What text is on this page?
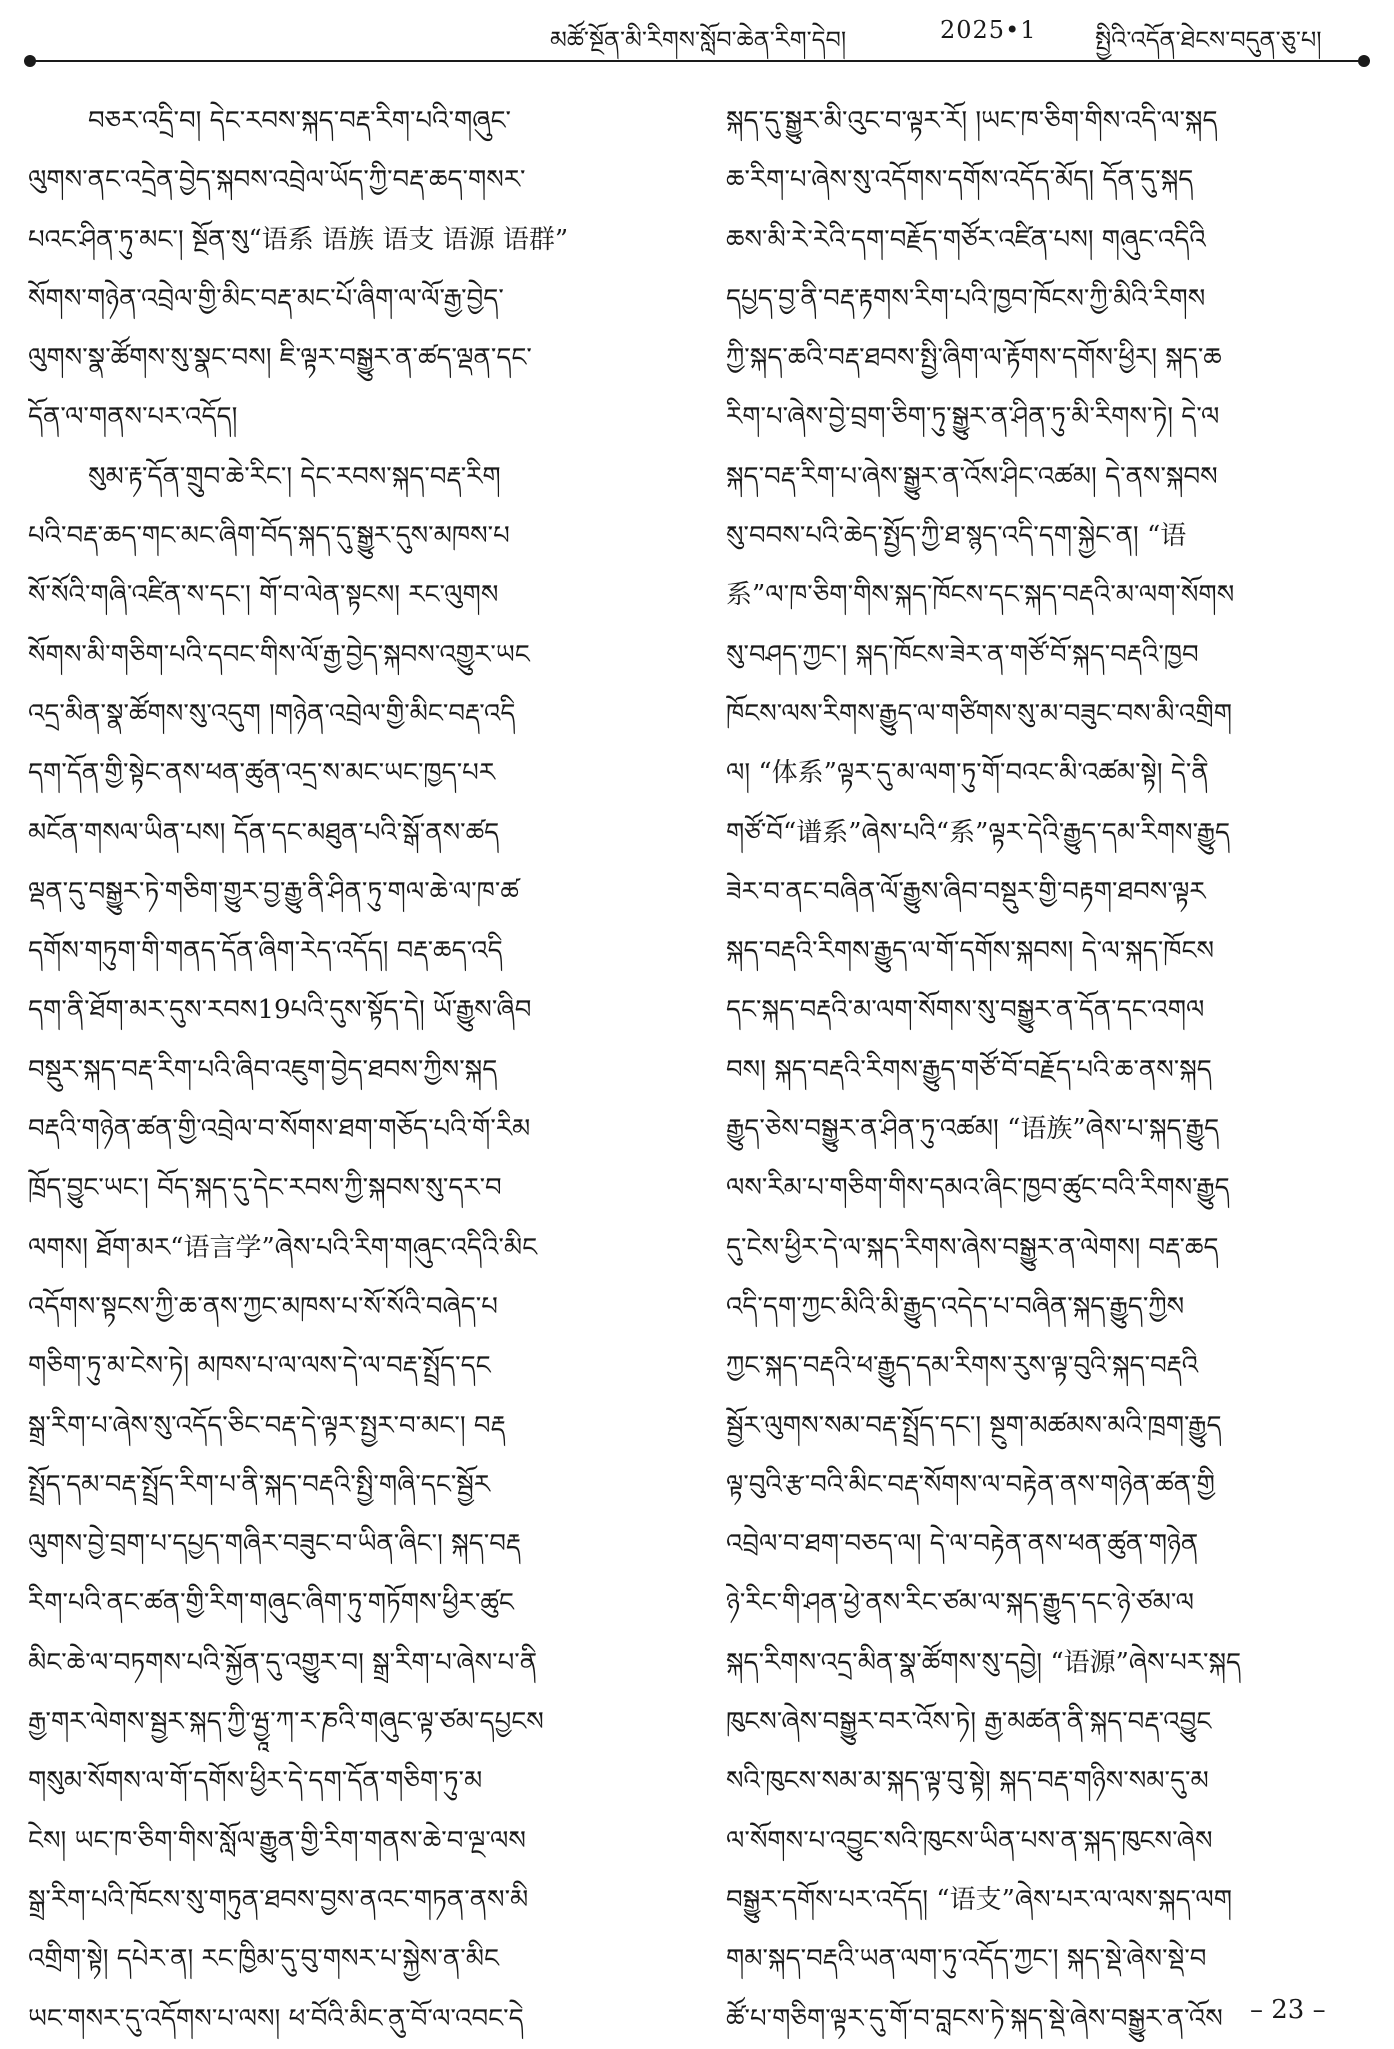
མཚོ་སྔོན་མི་རིགས་སློབ་ཆེན་རིག་དེབ།	2025•1 སྤྱིའི་འདོན་ཐེངས་བདུན་ཅུ་པ།
བཅར་འདྲི་བ། དེང་རབས་སྐད་བརྡ་རིག་པའི་གཞུང་
ལུགས་ནང་འདྲེན་བྱེད་སྐབས་འབྲེལ་ཡོད་ཀྱི་བརྡ་ཆད་གསར་
པའང་ཤིན་ཏུ་མང་། སྔོན་སུ“语系 语族 语支 语源 语群”
སོགས་གཉེན་འབྲེལ་གྱི་མིང་བརྡ་མང་པོ་ཞིག་ལ་ལོ་རྒྱ་བྱེད་
ལུགས་སྣ་ཚོགས་སུ་སྣང་བས། ཇི་ལྟར་བསྒྱུར་ན་ཚད་ལྡན་དང་
དོན་ལ་གནས་པར་འདོད།
སུམ་རྟ་དོན་གྲུབ་ཆེ་རིང་། དེང་རབས་སྐད་བརྡ་རིག
པའི་བརྡ་ཆད་གང་མང་ཞིག་བོད་སྐད་དུ་སྒྱུར་དུས་མཁས་པ
སོ་སོའི་གཞི་འཛིན་ས་དང་། གོ་བ་ལེན་སྟངས། རང་ལུགས
སོགས་མི་གཅིག་པའི་དབང་གིས་ལོ་རྒྱ་བྱེད་སྐབས་འགྱུར་ཡང
འདྲ་མིན་སྣ་ཚོགས་སུ་འདུག །གཉེན་འབྲེལ་གྱི་མིང་བརྡ་འདི
དག་དོན་གྱི་སྟེང་ནས་ཕན་ཚུན་འདྲ་ས་མང་ཡང་ཁྱད་པར
མངོན་གསལ་ཡིན་པས། དོན་དང་མཐུན་པའི་སྒོ་ནས་ཚད
ལྡན་དུ་བསྒྱུར་ཏེ་གཅིག་གྱུར་བྱ་རྒྱུ་ནི་ཤིན་ཏུ་གལ་ཆེ་ལ་ཁ་ཚ
དགོས་གཏུག་གི་གནད་དོན་ཞིག་རེད་འདོད། བརྡ་ཆད་འདི
དག་ནི་ཐོག་མར་དུས་རབས19པའི་དུས་སྟོད་དེ། ཡོ་རྒྱུས་ཞིབ
བསྡུར་སྐད་བརྡ་རིག་པའི་ཞིབ་འཇུག་བྱེད་ཐབས་ཀྱིས་སྐད
བརྡའི་གཉེན་ཚན་གྱི་འབྲེལ་བ་སོགས་ཐག་གཅོད་པའི་གོ་རིམ
ཁྲོད་བྱུང་ཡང་། བོད་སྐད་དུ་དེང་རབས་ཀྱི་སྐབས་སུ་དར་བ
ལགས། ཐོག་མར“语言学”ཞེས་པའི་རིག་གཞུང་འདིའི་མིང
འདོགས་སྟངས་ཀྱི་ཆ་ནས་ཀྱང་མཁས་པ་སོ་སོའི་བཞེད་པ
གཅིག་ཏུ་མ་ངེས་ཏེ། མཁས་པ་ལ་ལས་དེ་ལ་བརྡ་སྤྲོད་དང
སྒྲ་རིག་པ་ཞེས་སུ་འདོད་ཅིང་བརྡ་དེ་ལྟར་སྤྱར་བ་མང་། བརྡ
སྤྲོད་དམ་བརྡ་སྤྲོད་རིག་པ་ནི་སྐད་བརྡའི་སྤྱི་གཞི་དང་སྦྱོར
ལུགས་བྱེ་བྲག་པ་དཔྱད་གཞིར་བཟུང་བ་ཡིན་ཞིང་། སྐད་བརྡ
རིག་པའི་ནང་ཚན་གྱི་རིག་གཞུང་ཞིག་ཏུ་གཏོགས་ཕྱིར་ཚུང
མིང་ཆེ་ལ་བཏགས་པའི་སྐྱོན་དུ་འགྱུར་བ། སྒྲ་རིག་པ་ཞེས་པ་ནི
རྒྱ་གར་ལེགས་སྦྱར་སྐད་ཀྱི་ཝྱཱ་ཀ་ར་ཎའི་གཞུང་ལྟ་ཙམ་དཔྱངས
གསུམ་སོགས་ལ་གོ་དགོས་ཕྱིར་དེ་དག་དོན་གཅིག་ཏུ་མ
ངེས། ཡང་ཁ་ཅིག་གིས་སློལ་རྒྱུན་གྱི་རིག་གནས་ཆེ་བ་ལྔ་ལས
སྒྲ་རིག་པའི་ཁོངས་སུ་གཏུན་ཐབས་བྱས་ནའང་གཏན་ནས་མི
འགྲིག་སྟེ། དཔེར་ན། རང་ཁྱིམ་དུ་བུ་གསར་པ་སྐྱེས་ན་མིང
ཡང་གསར་དུ་འདོགས་པ་ལས། ཕ་བོའི་མིང་ནུ་བོ་ལ་འབང་དེ
སྐད་དུ་སྒྱུར་མི་འུང་བ་ལྟར་རོ། །ཡང་ཁ་ཅིག་གིས་འདི་ལ་སྐད
ཆ་རིག་པ་ཞེས་སུ་འདོགས་དགོས་འདོད་མོད། དོན་དུ་སྐད
ཆས་མི་རེ་རེའི་དག་བརྗོད་གཙོར་འཛིན་པས། གཞུང་འདིའི
དཔྱད་བྱ་ནི་བརྡ་རྟགས་རིག་པའི་ཁྱབ་ཁོངས་ཀྱི་མིའི་རིགས
ཀྱི་སྐད་ཆའི་བརྡ་ཐབས་སྤྱི་ཞིག་ལ་རྟོགས་དགོས་ཕྱིར། སྐད་ཆ
རིག་པ་ཞེས་བྱེ་བྲག་ཅིག་ཏུ་སྒྱུར་ན་ཤིན་ཏུ་མི་རིགས་ཏེ། དེ་ལ
སྐད་བརྡ་རིག་པ་ཞེས་སྒྱུར་ན་འོས་ཤིང་འཚམ། དེ་ནས་སྐབས
སུ་བབས་པའི་ཆེད་སྤྱོད་ཀྱི་ཐ་སྙད་འདི་དག་སྐྱེང་ན། “语
系”ལ་ཁ་ཅིག་གིས་སྐད་ཁོངས་དང་སྐད་བརྡའི་མ་ལག་སོགས
སུ་བཤད་ཀྱང་། སྐད་ཁོངས་ཟེར་ན་གཙོ་བོ་སྐད་བརྡའི་ཁྱབ
ཁོངས་ལས་རིགས་རྒྱུད་ལ་གཙིགས་སུ་མ་བཟུང་བས་མི་འགྲིག
ལ། “体系”ལྟར་དུ་མ་ལག་ཏུ་གོ་བའང་མི་འཚམ་སྟེ། དེ་ནི
གཙོ་བོ“谱系”ཞེས་པའི“系”ལྟར་དེའི་རྒྱུད་དམ་རིགས་རྒྱུད
ཟེར་བ་ནང་བཞིན་ལོ་རྒྱུས་ཞིབ་བསྡུར་གྱི་བརྟག་ཐབས་ལྟར
སྐད་བརྡའི་རིགས་རྒྱུད་ལ་གོ་དགོས་སྐབས། དེ་ལ་སྐད་ཁོངས
དང་སྐད་བརྡའི་མ་ལག་སོགས་སུ་བསྒྱུར་ན་དོན་དང་འགལ
བས། སྐད་བརྡའི་རིགས་རྒྱུད་གཙོ་བོ་བརྗོད་པའི་ཆ་ནས་སྐད
རྒྱུད་ཅེས་བསྒྱུར་ན་ཤིན་ཏུ་འཚམ། “语族”ཞེས་པ་སྐད་རྒྱུད
ལས་རིམ་པ་གཅིག་གིས་དམའ་ཞིང་ཁྱབ་ཚུང་བའི་རིགས་རྒྱུད
དུ་ངེས་ཕྱིར་དེ་ལ་སྐད་རིགས་ཞེས་བསྒྱུར་ན་ལེགས། བརྡ་ཆད
འདི་དག་ཀྱང་མིའི་མི་རྒྱུད་འདེད་པ་བཞིན་སྐད་རྒྱུད་ཀྱིས
ཀྱང་སྐད་བརྡའི་ཕ་རྒྱུད་དམ་རིགས་རུས་ལྟ་བུའི་སྐད་བརྡའི
སྦྱོར་ལུགས་སམ་བརྡ་སྤྲོད་དང་། སྔུག་མཚམས་མའི་ཁྲག་རྒྱུད
ལྟ་བུའི་རྩ་བའི་མིང་བརྡ་སོགས་ལ་བརྟེན་ནས་གཉེན་ཚན་གྱི
འབྲེལ་བ་ཐག་བཅད་ལ། དེ་ལ་བརྟེན་ནས་ཕན་ཚུན་གཉེན
ཉེ་རིང་གི་ཤན་ཕྱེ་ནས་རིང་ཙམ་ལ་སྐད་རྒྱུད་དང་ཉེ་ཙམ་ལ
སྐད་རིགས་འདྲ་མིན་སྣ་ཚོགས་སུ་དབྱེ། “语源”ཞེས་པར་སྐད
ཁུངས་ཞེས་བསྒྱུར་བར་འོས་ཏེ། རྒྱ་མཚན་ནི་སྐད་བརྡ་འབྱུང
སའི་ཁུངས་སམ་མ་སྐད་ལྟ་བུ་སྟེ། སྐད་བརྡ་གཉིས་སམ་དུ་མ
ལ་སོགས་པ་འབྱུང་སའི་ཁུངས་ཡིན་པས་ན་སྐད་ཁུངས་ཞེས
བསྒྱུར་དགོས་པར་འདོད། “语支”ཞེས་པར་ལ་ལས་སྐད་ལག
གམ་སྐད་བརྡའི་ཡན་ལག་ཏུ་འདོད་ཀྱང་། སྐད་སྡེ་ཞེས་སྡེ་བ
ཚོ་པ་གཅིག་ལྟར་དུ་གོ་བ་བླངས་ཏེ་སྐད་སྡེ་ཞེས་བསྒྱུར་ན་འོས	– 23 –
